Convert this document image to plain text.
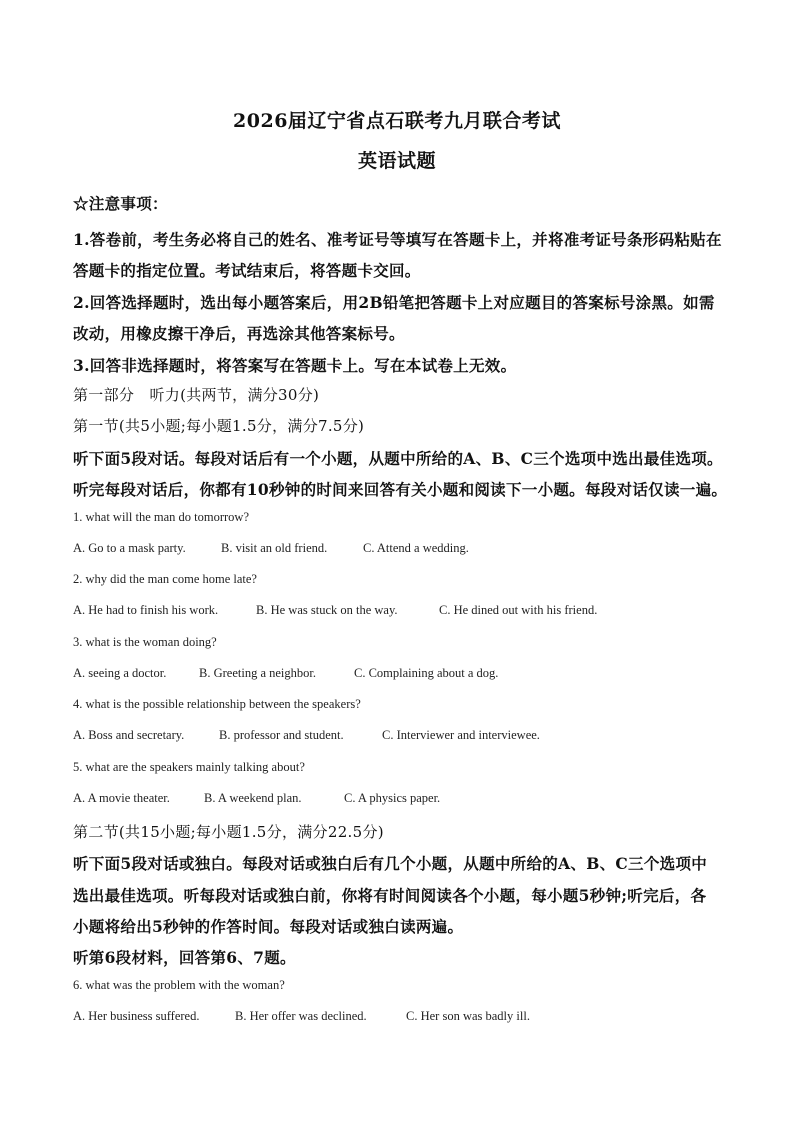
2026届辽宁省点石联考九月联合考试
英语试题
☆注意事项：
1.答卷前，考生务必将自己的姓名、准考证号等填写在答题卡上，并将准考证号条形码粘贴在
答题卡的指定位置。考试结束后，将答题卡交回。
2.回答选择题时，选出每小题答案后，用2B铅笔把答题卡上对应题目的答案标号涂黑。如需
改动，用橡皮擦干净后，再选涂其他答案标号。
3.回答非选择题时，将答案写在答题卡上。写在本试卷上无效。
第一部分　听力(共两节，满分30分)
第一节(共5小题;每小题1.5分，满分7.5分)
听下面5段对话。每段对话后有一个小题，从题中所给的A、B、C三个选项中选出最佳选项。
听完每段对话后，你都有10秒钟的时间来回答有关小题和阅读下一小题。每段对话仅读一遍。
1. what will the man do tomorrow?
A. Go to a mask party.	B. visit an old friend.	C. Attend a wedding.
2. why did the man come home late?
A. He had to finish his work.	B. He was stuck on the way.	C. He dined out with his friend.
3. what is the woman doing?
A. seeing a doctor.	B. Greeting a neighbor.	C. Complaining about a dog.
4. what is the possible relationship between the speakers?
A. Boss and secretary.	B. professor and student.	C. Interviewer and interviewee.
5. what are the speakers mainly talking about?
A. A movie theater.	B. A weekend plan.	C. A physics paper.
第二节(共15小题;每小题1.5分，满分22.5分)
听下面5段对话或独白。每段对话或独白后有几个小题，从题中所给的A、B、C三个选项中
选出最佳选项。听每段对话或独白前，你将有时间阅读各个小题，每小题5秒钟;听完后，各
小题将给出5秒钟的作答时间。每段对话或独白读两遍。
听第6段材料，回答第6、7题。
6. what was the problem with the woman?
A. Her business suffered.	B. Her offer was declined.	C. Her son was badly ill.
